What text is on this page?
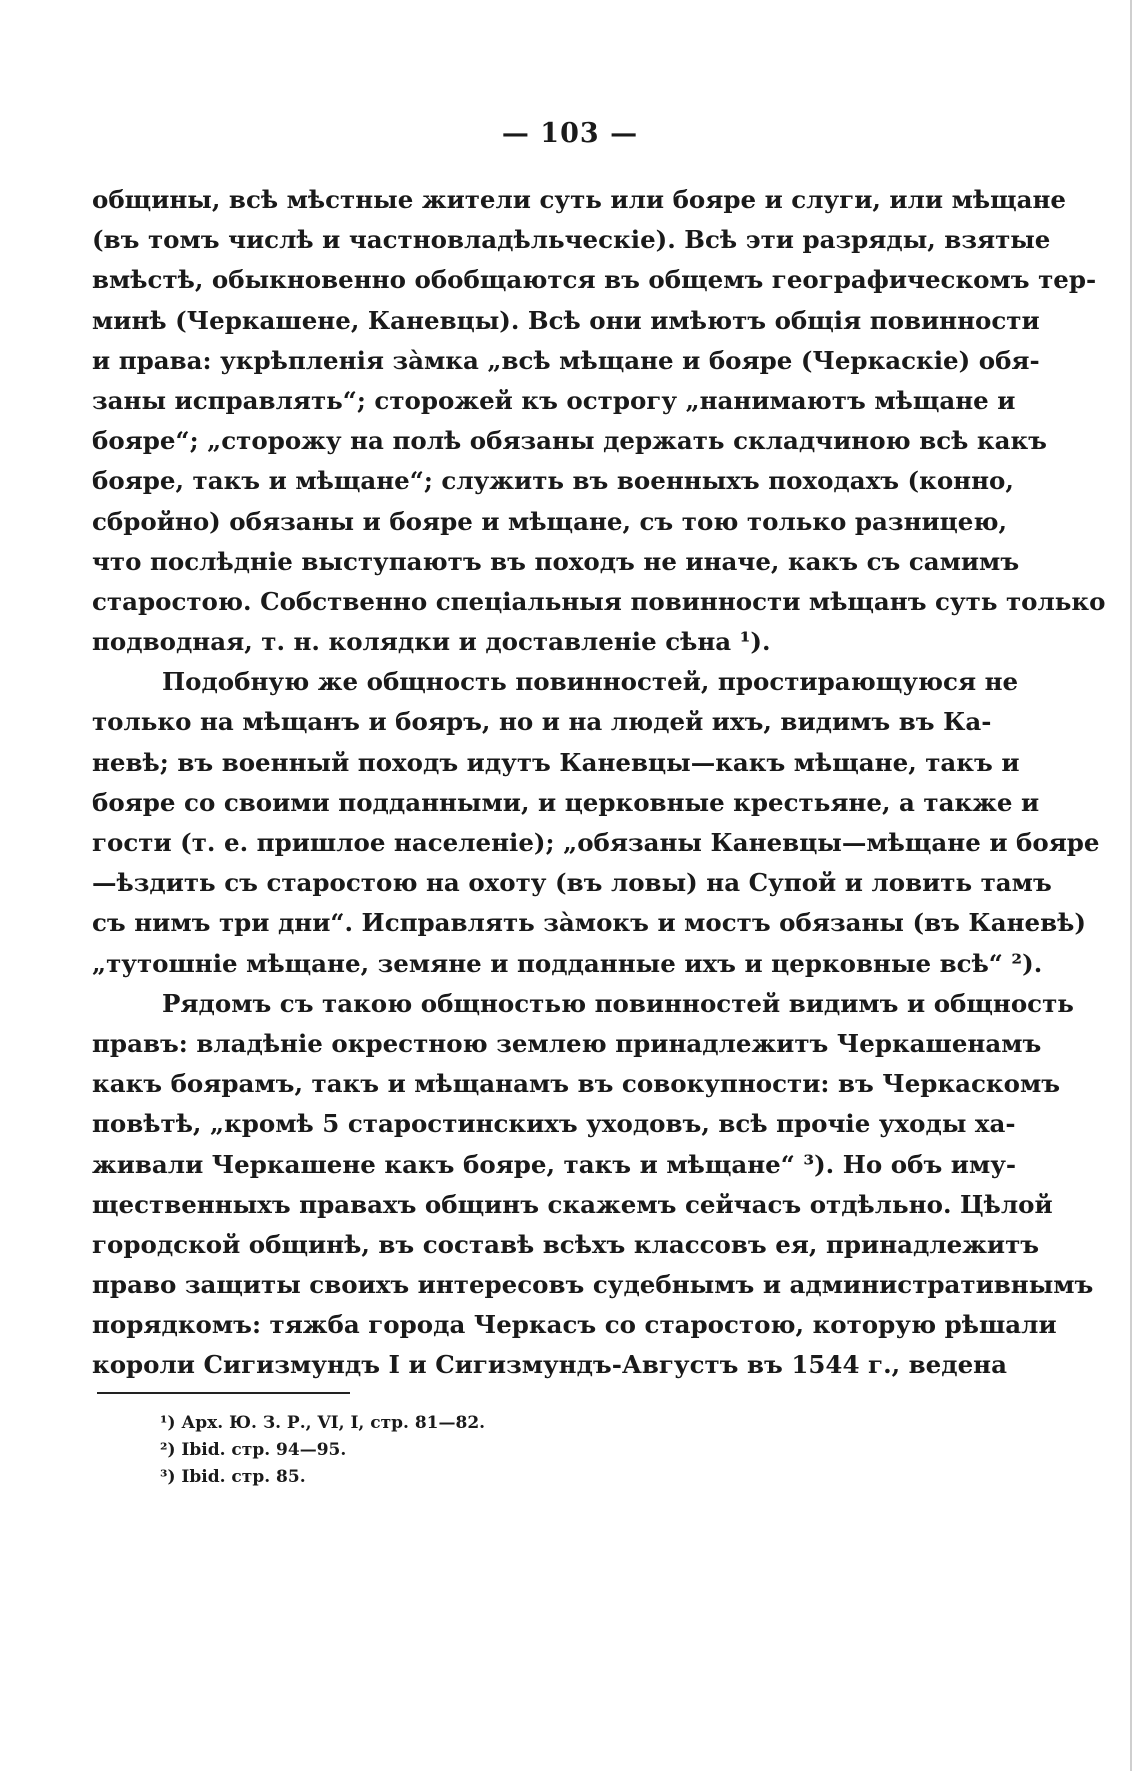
— 103 —
общины, всѣ мѣстные жители суть или бояре и слуги, или мѣщане
(въ томъ числѣ и частновладѣльческіе). Всѣ эти разряды, взятые
вмѣстѣ, обыкновенно обобщаются въ общемъ географическомъ тер-
минѣ (Черкашене, Каневцы). Всѣ они имѣютъ общія повинности
и права: укрѣпленія зàмка „всѣ мѣщане и бояре (Черкаскіе) обя-
заны исправлять“; сторожей къ острогу „нанимаютъ мѣщане и
бояре“; „сторожу на полѣ обязаны держать складчиною всѣ какъ
бояре, такъ и мѣщане“; служить въ военныхъ походахъ (конно,
сбройно) обязаны и бояре и мѣщане, съ тою только разницею,
что послѣдніе выступаютъ въ походъ не иначе, какъ съ самимъ
старостою. Собственно спеціальныя повинности мѣщанъ суть только
подводная, т. н. колядки и доставленіе сѣна ¹).
Подобную же общность повинностей, простирающуюся не
только на мѣщанъ и бояръ, но и на людей ихъ, видимъ въ Ка-
невѣ; въ военный походъ идутъ Каневцы—какъ мѣщане, такъ и
бояре со своими подданными, и церковные крестьяне, а также и
гости (т. е. пришлое населеніе); „обязаны Каневцы—мѣщане и бояре
—ѣздить съ старостою на охоту (въ ловы) на Супой и ловить тамъ
съ нимъ три дни“. Исправлять зàмокъ и мостъ обязаны (въ Каневѣ)
„тутошніе мѣщане, земяне и подданные ихъ и церковные всѣ“ ²).
Рядомъ съ такою общностью повинностей видимъ и общность
правъ: владѣніе окрестною землею принадлежитъ Черкашенамъ
какъ боярамъ, такъ и мѣщанамъ въ совокупности: въ Черкаскомъ
повѣтѣ, „кромѣ 5 старостинскихъ уходовъ, всѣ прочіе уходы ха-
живали Черкашене какъ бояре, такъ и мѣщане“ ³). Но объ иму-
щественныхъ правахъ общинъ скажемъ сейчасъ отдѣльно. Цѣлой
городской общинѣ, въ составѣ всѣхъ классовъ ея, принадлежитъ
право защиты своихъ интересовъ судебнымъ и административнымъ
порядкомъ: тяжба города Черкасъ со старостою, которую рѣшали
короли Сигизмундъ I и Сигизмундъ-Августъ въ 1544 г., ведена
¹) Арх. Ю. З. Р., VI, I, стр. 81—82.
²) Ibid. стр. 94—95.
³) Ibid. стр. 85.
